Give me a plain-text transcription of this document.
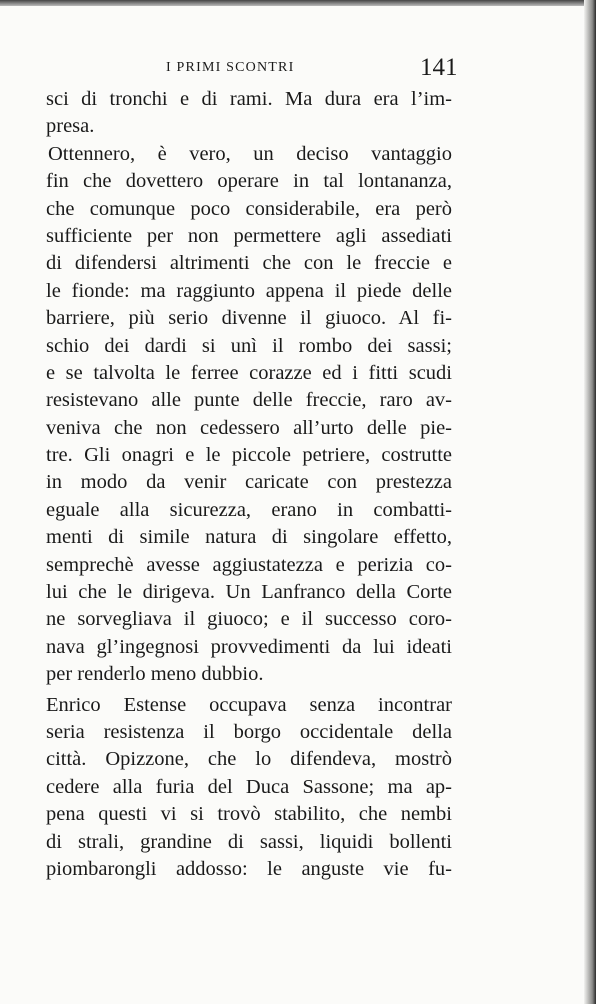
I PRIMI SCONTRI	141
sci di tronchi e di rami. Ma dura era l’im-
presa.
Ottennero, è vero, un deciso vantaggio
fin che dovettero operare in tal lontananza,
che comunque poco considerabile, era però
sufficiente per non permettere agli assediati
di difendersi altrimenti che con le freccie e
le fionde: ma raggiunto appena il piede delle
barriere, più serio divenne il giuoco. Al fi-
schio dei dardi si unì il rombo dei sassi;
e se talvolta le ferree corazze ed i fitti scudi
resistevano alle punte delle freccie, raro av-
veniva che non cedessero all’urto delle pie-
tre. Gli onagri e le piccole petriere, costrutte
in modo da venir caricate con prestezza
eguale alla sicurezza, erano in combatti-
menti di simile natura di singolare effetto,
semprechè avesse aggiustatezza e perizia co-
lui che le dirigeva. Un Lanfranco della Corte
ne sorvegliava il giuoco; e il successo coro-
nava gl’ingegnosi provvedimenti da lui ideati
per renderlo meno dubbio.
Enrico Estense occupava senza incontrar
seria resistenza il borgo occidentale della
città. Opizzone, che lo difendeva, mostrò
cedere alla furia del Duca Sassone; ma ap-
pena questi vi si trovò stabilito, che nembi
di strali, grandine di sassi, liquidi bollenti
piombarongli addosso: le anguste vie fu-
